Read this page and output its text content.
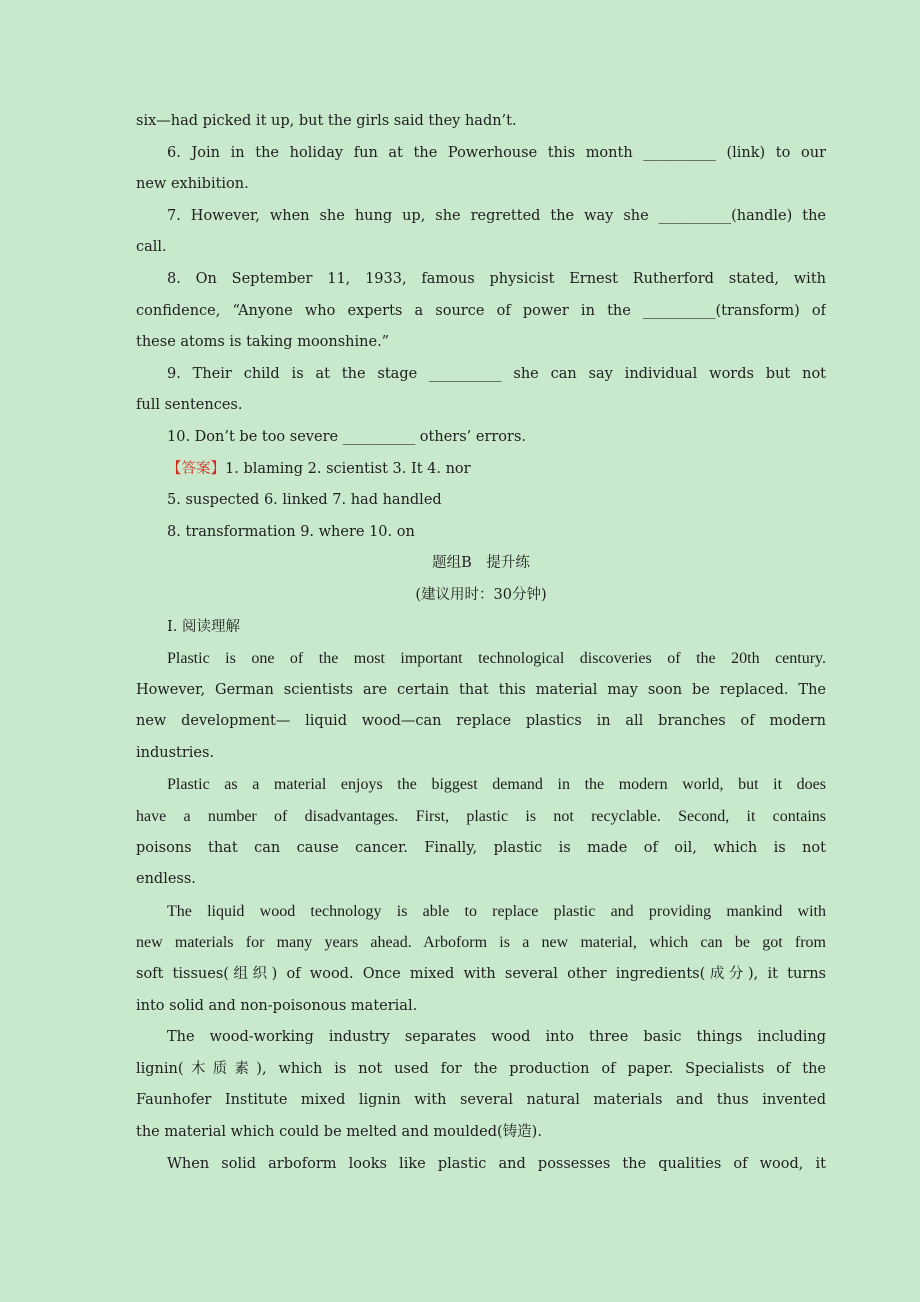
six—had picked it up, but the girls said they hadn’t.
6. Join in the holiday fun at the Powerhouse this month __________ (link) to our
new exhibition.
7. However, when she hung up, she regretted the way she __________(handle) the
call.
8. On September 11, 1933, famous physicist Ernest Rutherford stated, with
confidence, “Anyone who experts a source of power in the __________(transform) of
these atoms is taking moonshine.”
9. Their child is at the stage __________ she can say individual words but not
full sentences.
10. Don’t be too severe __________ others’ errors.
【答案】1. blaming 2. scientist 3. It 4. nor
5. suspected 6. linked 7. had handled
8. transformation 9. where 10. on
题组B　提升练
(建议用时：30分钟)
Ⅰ. 阅读理解
Plastic is one of the most important technological discoveries of the 20th century.
However, German scientists are certain that this material may soon be replaced. The
new development— liquid wood—can replace plastics in all branches of modern
industries.
Plastic as a material enjoys the biggest demand in the modern world, but it does
have a number of disadvantages. First, plastic is not recyclable. Second, it contains
poisons that can cause cancer. Finally, plastic is made of oil, which is not
endless.
The liquid wood technology is able to replace plastic and providing mankind with
new materials for many years ahead. Arboform is a new material, which can be got from
soft tissues(组织) of wood. Once mixed with several other ingredients(成分), it turns
into solid and non-poisonous material.
The wood-working industry separates wood into three basic things including
lignin(木质素), which is not used for the production of paper. Specialists of the
Faunhofer Institute mixed lignin with several natural materials and thus invented
the material which could be melted and moulded(铸造).
When solid arboform looks like plastic and possesses the qualities of wood, it
